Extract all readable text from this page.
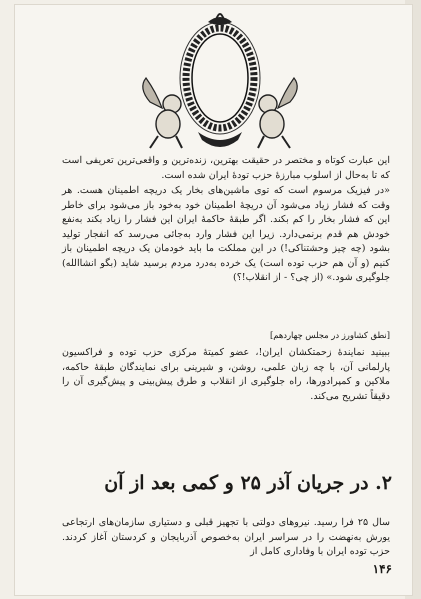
این عبارت کوتاه و مختصر در حقیقت بهترین، زنده‌ترین و واقعی‌ترین تعریفی است که تا به‌حال از اسلوب مبارزهٔ حزب تودهٔ ایران شده است.

«در فیزیک مرسوم است که توی ماشین‌های بخار یک دریچه اطمینان هست. هر وقت که فشار زیاد می‌شود آن دریچهٔ اطمینان خود به‌خود باز می‌شود برای خاطر این که فشار بخار را کم بکند. اگر طبقهٔ حاکمهٔ ایران این فشار را زیاد بکند به‌نفع خودش هم قدم برنمی‌دارد. زیرا این فشار وارد به‌جائی می‌رسد که انفجار تولید بشود (چه چیز وحشتناکی!) در این مملکت ما باید خودمان یک دریچه اطمینان باز کنیم (و آن هم حزب توده است) یک خرده به‌درد مردم برسید شاید (بگو انشاالله) جلوگیری شود.» (از چی؟ - از انقلاب!؟)

[نطق کشاورز در مجلس چهاردهم]

ببینید نمایندهٔ زحمتکشان ایران!، عضو کمیتهٔ مرکزی حزب توده و فراکسیون پارلمانی آن، با چه زبان علمی، روشن، و شیرینی برای نمایندگان طبقهٔ حاکمه، ملاکین و کمپرادورها، راه جلوگیری از انقلاب و طرق پیش‌بینی و پیش‌گیری آن را دقیقاً تشریح می‌کند.

۲. در جریان آذر ۲۵ و کمی بعد از آن

سال ۲۵ فرا رسید. نیروهای دولتی با تجهیز قبلی و دستیاری سازمان‌های ارتجاعی یورش به‌نهضت را در سراسر ایران به‌خصوص آذربایجان و کردستان آغاز کردند. حزب توده ایران با وفاداری کامل از

۱۴۶
